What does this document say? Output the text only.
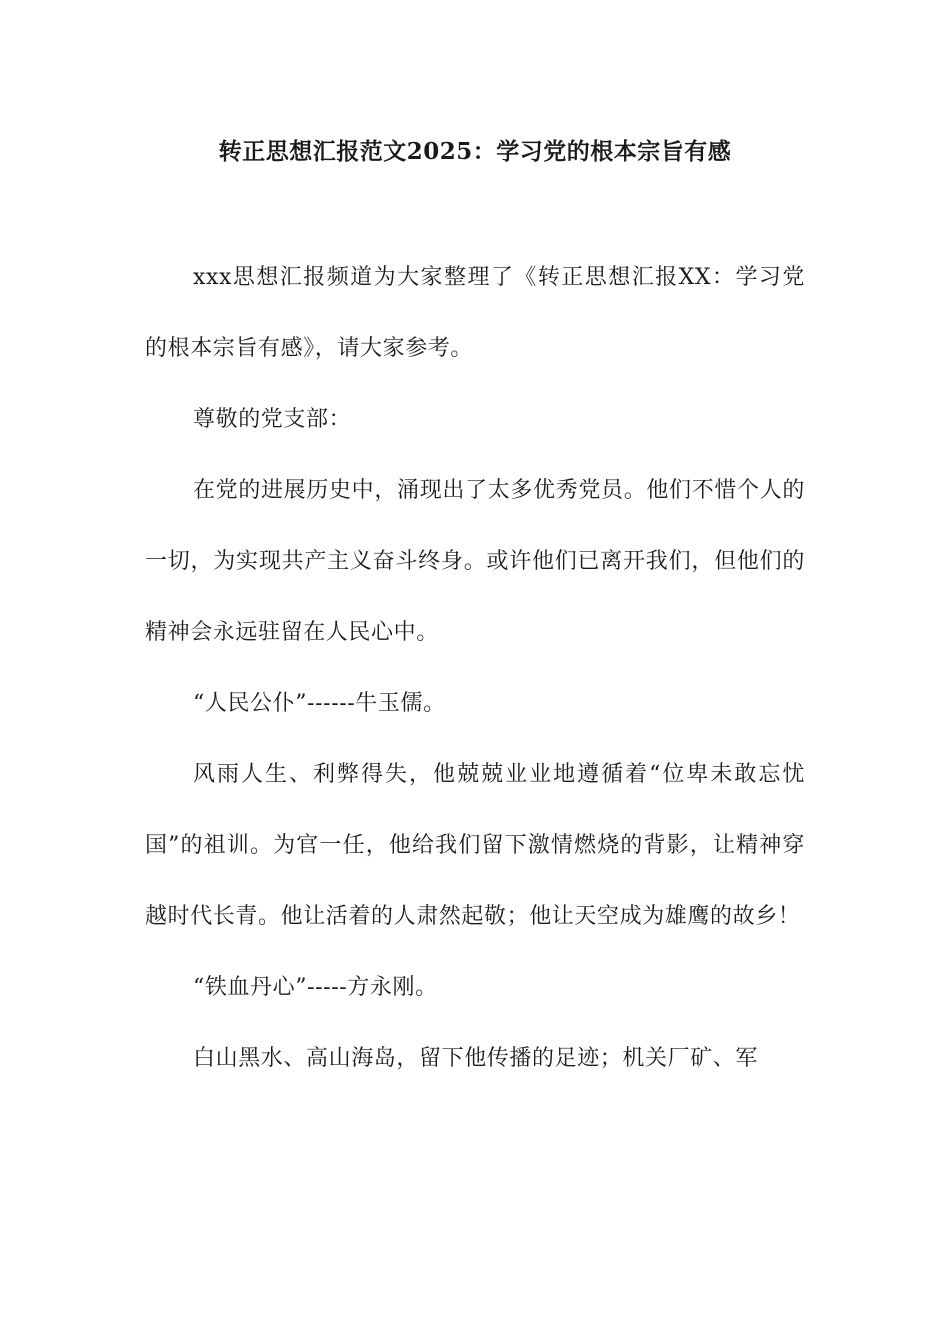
转正思想汇报范文2025：学习党的根本宗旨有感

xxx思想汇报频道为大家整理了《转正思想汇报XX：学习党的根本宗旨有感》，请大家参考。

尊敬的党支部：

在党的进展历史中，涌现出了太多优秀党员。他们不惜个人的一切，为实现共产主义奋斗终身。或许他们已离开我们，但他们的精神会永远驻留在人民心中。

“人民公仆”------牛玉儒。

风雨人生、利弊得失，他兢兢业业地遵循着“位卑未敢忘忧国”的祖训。为官一任，他给我们留下激情燃烧的背影，让精神穿越时代长青。他让活着的人肃然起敬；他让天空成为雄鹰的故乡！

“铁血丹心”-----方永刚。

白山黑水、高山海岛，留下他传播的足迹；机关厂矿、军
